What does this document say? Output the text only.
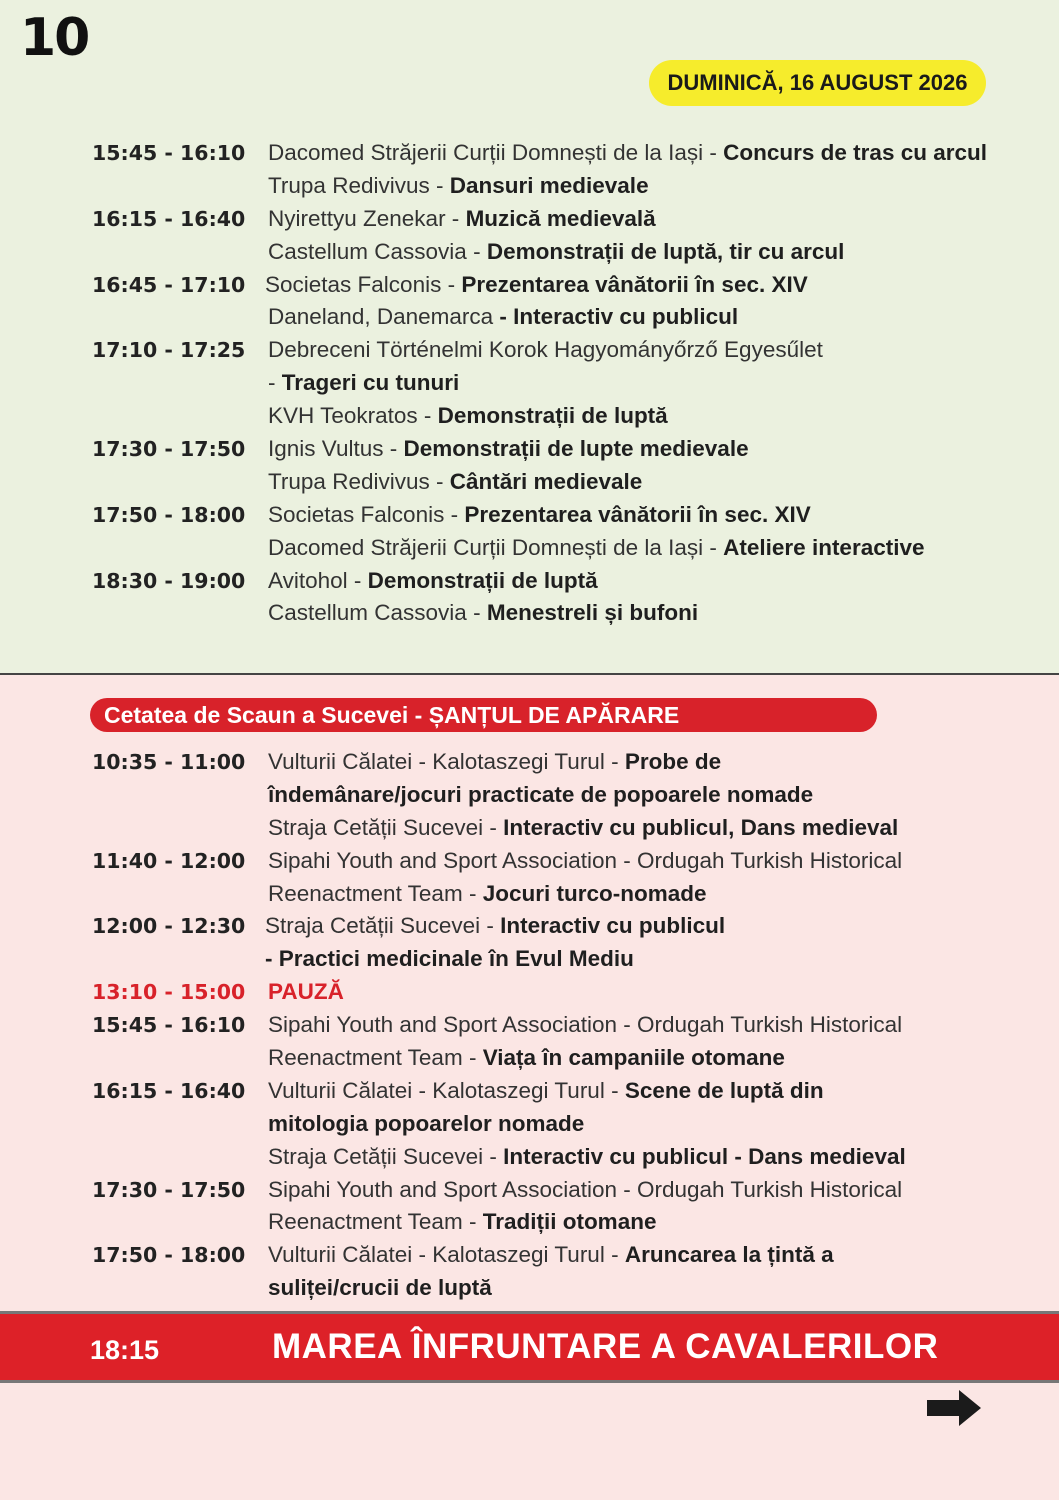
10
DUMINICĂ, 16 AUGUST 2026
15:45 - 16:10 Dacomed Străjerii Curții Domnești de la Iași - Concurs de tras cu arcul
Trupa Redivivus - Dansuri medievale
16:15 - 16:40 Nyirettyu Zenekar - Muzică medievală
Castellum Cassovia - Demonstrații de luptă, tir cu arcul
16:45 - 17:10 Societas Falconis - Prezentarea vânătorii în sec. XIV
Daneland, Danemarca - Interactiv cu publicul
17:10 - 17:25 Debreceni Történelmi Korok Hagyományőrző Egyesűlet
- Trageri cu tunuri
KVH Teokratos - Demonstrații de luptă
17:30 - 17:50 Ignis Vultus - Demonstrații de lupte medievale
Trupa Redivivus - Cântări medievale
17:50 - 18:00 Societas Falconis - Prezentarea vânătorii în sec. XIV
Dacomed Străjerii Curții Domnești de la Iași - Ateliere interactive
18:30 - 19:00 Avitohol - Demonstrații de luptă
Castellum Cassovia - Menestreli și bufoni
Cetatea de Scaun a Sucevei - ȘANȚUL DE APĂRARE
10:35 - 11:00 Vulturii Călatei - Kalotaszegi Turul - Probe de
îndemânare/jocuri practicate de popoarele nomade
Straja Cetății Sucevei - Interactiv cu publicul, Dans medieval
11:40 - 12:00 Sipahi Youth and Sport Association - Ordugah Turkish Historical
Reenactment Team - Jocuri turco-nomade
12:00 - 12:30 Straja Cetății Sucevei - Interactiv cu publicul
- Practici medicinale în Evul Mediu
13:10 - 15:00 PAUZĂ
15:45 - 16:10 Sipahi Youth and Sport Association - Ordugah Turkish Historical
Reenactment Team - Viața în campaniile otomane
16:15 - 16:40 Vulturii Călatei - Kalotaszegi Turul - Scene de luptă din
mitologia popoarelor nomade
Straja Cetății Sucevei - Interactiv cu publicul - Dans medieval
17:30 - 17:50 Sipahi Youth and Sport Association - Ordugah Turkish Historical
Reenactment Team - Tradiții otomane
17:50 - 18:00 Vulturii Călatei - Kalotaszegi Turul - Aruncarea la țintă a
suliței/crucii de luptă
18:15	MAREA ÎNFRUNTARE A CAVALERILOR
